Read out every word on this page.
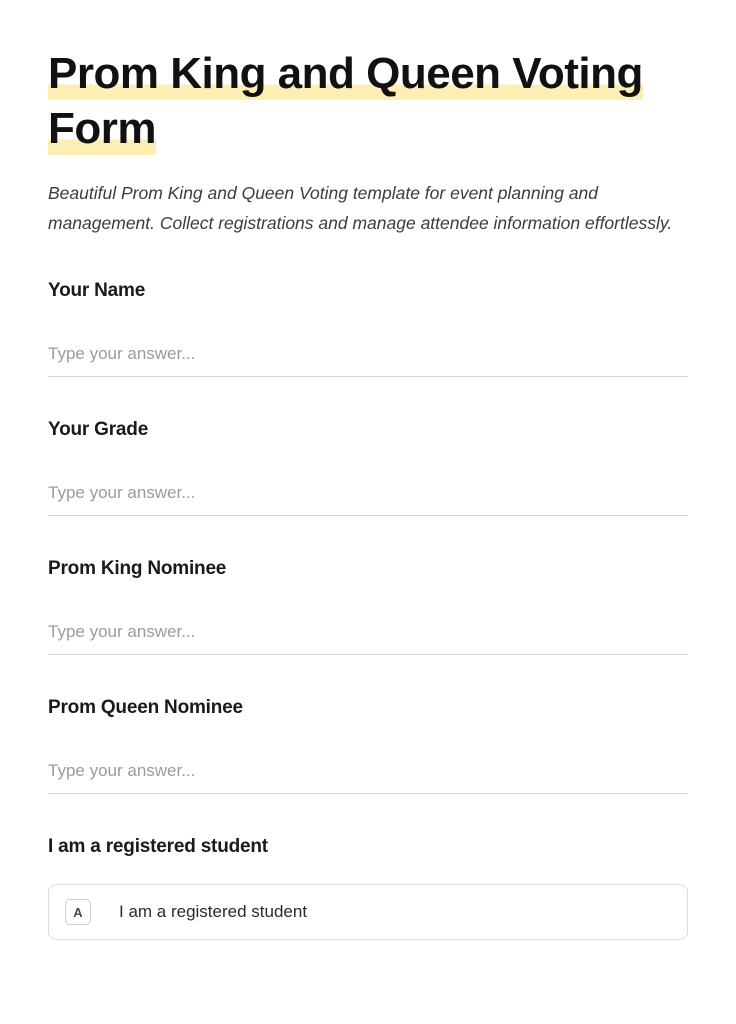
Prom King and Queen Voting Form

Beautiful Prom King and Queen Voting template for event planning and management. Collect registrations and manage attendee information effortlessly.

Your Name

Type your answer...

Your Grade

Type your answer...

Prom King Nominee

Type your answer...

Prom Queen Nominee

Type your answer...

I am a registered student

A	I am a registered student
